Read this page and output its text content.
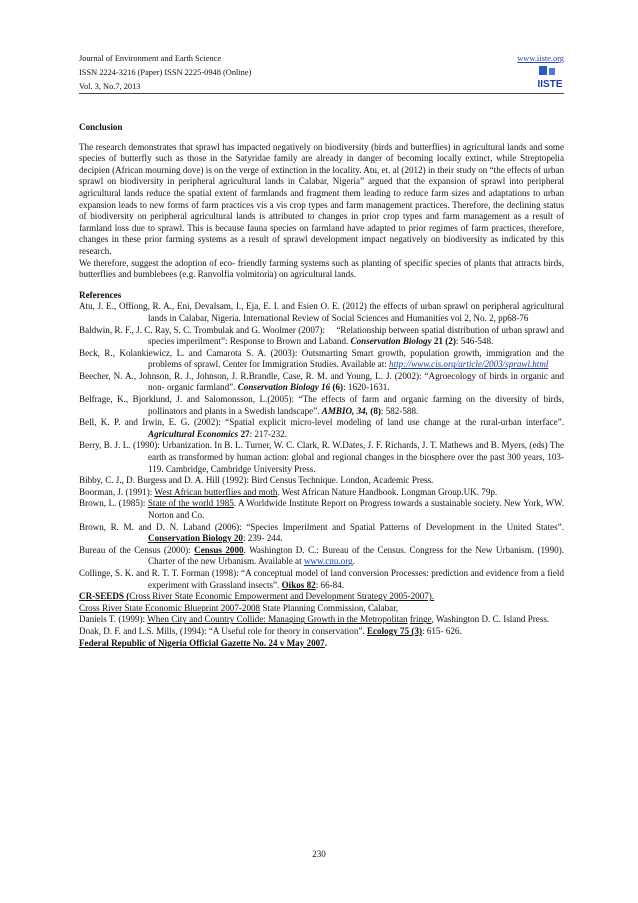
Journal of Environment and Earth Science
ISSN 2224-3216 (Paper) ISSN 2225-0948 (Online)
Vol. 3, No.7, 2013
www.iiste.org
IISTE

Conclusion

The research demonstrates that sprawl has impacted negatively on biodiversity (birds and butterflies) in agricultural lands and some species of butterfly such as those in the Satyridae family are already in danger of becoming locally extinct, while Streptopelia decipien (African mourning dove) is on the verge of extinction in the locality. Atu, et. al (2012) in their study on “the effects of urban sprawl on biodiversity in peripheral agricultural lands in Calabar, Nigeria” argued that the expansion of sprawl into peripheral agricultural lands reduce the spatial extent of farmlands and fragment them leading to reduce farm sizes and adaptations to urban expansion leads to new forms of farm practices vis a vis crop types and farm management practices. Therefore, the declining status of biodiversity on peripheral agricultural lands is attributed to changes in prior crop types and farm management as a result of farmland loss due to sprawl. This is because fauna species on farmland have adapted to prior regimes of farm practices, therefore, changes in these prior farming systems as a result of sprawl development impact negatively on biodiversity as indicated by this research.

We therefore, suggest the adoption of eco- friendly farming systems such as planting of specific species of plants that attracts birds, butterflies and bumblebees (e.g. Ranvolfia volmitoria) on agricultural lands.

References

Atu, J. E., Offiong, R. A., Eni, Devalsam, I., Eja, E. I. and Esien O. E. (2012) the effects of urban sprawl on peripheral agricultural lands in Calabar, Nigeria. International Review of Social Sciences and Humanities vol 2, No. 2, pp68-76

Baldwin, R. F., J. C. Ray, S. C. Trombulak and G. Woolmer (2007):  “Relationship between spatial distribution of urban sprawl and species imperilment”: Response to Brown and Laband. Conservation Biology 21 (2): 546-548.

Beck, R., Kolankiewicz, L. and Camarota S. A. (2003): Outsmarting Smart growth, population growth, immigration and the problems of sprawl. Center for Immigration Studies. Available at: http://www.cis.org/article/2003/sprawl.html

Beecher, N. A., Johnson, R. J., Johnson, J. R.Brandle, Case, R. M. and Young, L. J. (2002): “Agroecology of birds in organic and non- organic farmland”. Conservation Biology 16 (6): 1620-1631.

Belfrage, K., Bjorklund, J. and Salomonsson, L.(2005): “The effects of farm and organic farming on the diversity of birds, pollinators and plants in a Swedish landscape”. AMBIO, 34, (8): 582-588.

Bell, K. P. and Irwin, E. G. (2002): “Spatial explicit micro-level modeling of land use change at the rural-urban interface”. Agricultural Economics 27: 217-232.

Berry, B. J. L. (1990): Urbanization. In B. L. Turner, W. C. Clark, R. W.Dates, J. F. Richards, J. T. Mathews and B. Myers, (eds) The earth as transformed by human action: global and regional changes in the biosphere over the past 300 years, 103-119. Cambridge, Cambridge University Press.

Bibby, C. J., D. Burgess and D. A. Hill (1992): Bird Census Technique. London, Academic Press.

Boorman, J. (1991): West African butterflies and moth. West African Nature Handbook. Longman Group.UK. 79p.

Brown, L. (1985): State of the world 1985. A Worldwide Institute Report on Progress towards a sustainable society. New York, WW. Norton and Co.

Brown, R. M. and D. N. Laband (2006): “Species Imperilment and Spatial Patterns of Development in the United States”. Conservation Biology 20: 239- 244.

Bureau of the Census (2000): Census 2000. Washington D. C.: Bureau of the Census. Congress for the New Urbanism. (1990). Charter of the new Urbanism. Available at www.cnu.org.

Collinge, S. K. and R. T. T. Forman (1998): “A conceptual model of land conversion Processes: prediction and evidence from a field experiment with Grassland insects”. Oikos 82: 66-84.

CR-SEEDS (Cross River State Economic Empowerment and Development Strategy 2005-2007).

Cross River State Economic Blueprint 2007-2008 State Planning Commission, Calabar,

Daniels T. (1999): When City and Country Collide: Managing Growth in the Metropolitan fringe, Washington D. C. Island Press.

Doak, D. F. and L.S. Mills, (1994): “A Useful role for theory in conservation”. Ecology 75 (3): 615- 626.

Federal Republic of Nigeria Official Gazette No. 24 v May 2007.

230
